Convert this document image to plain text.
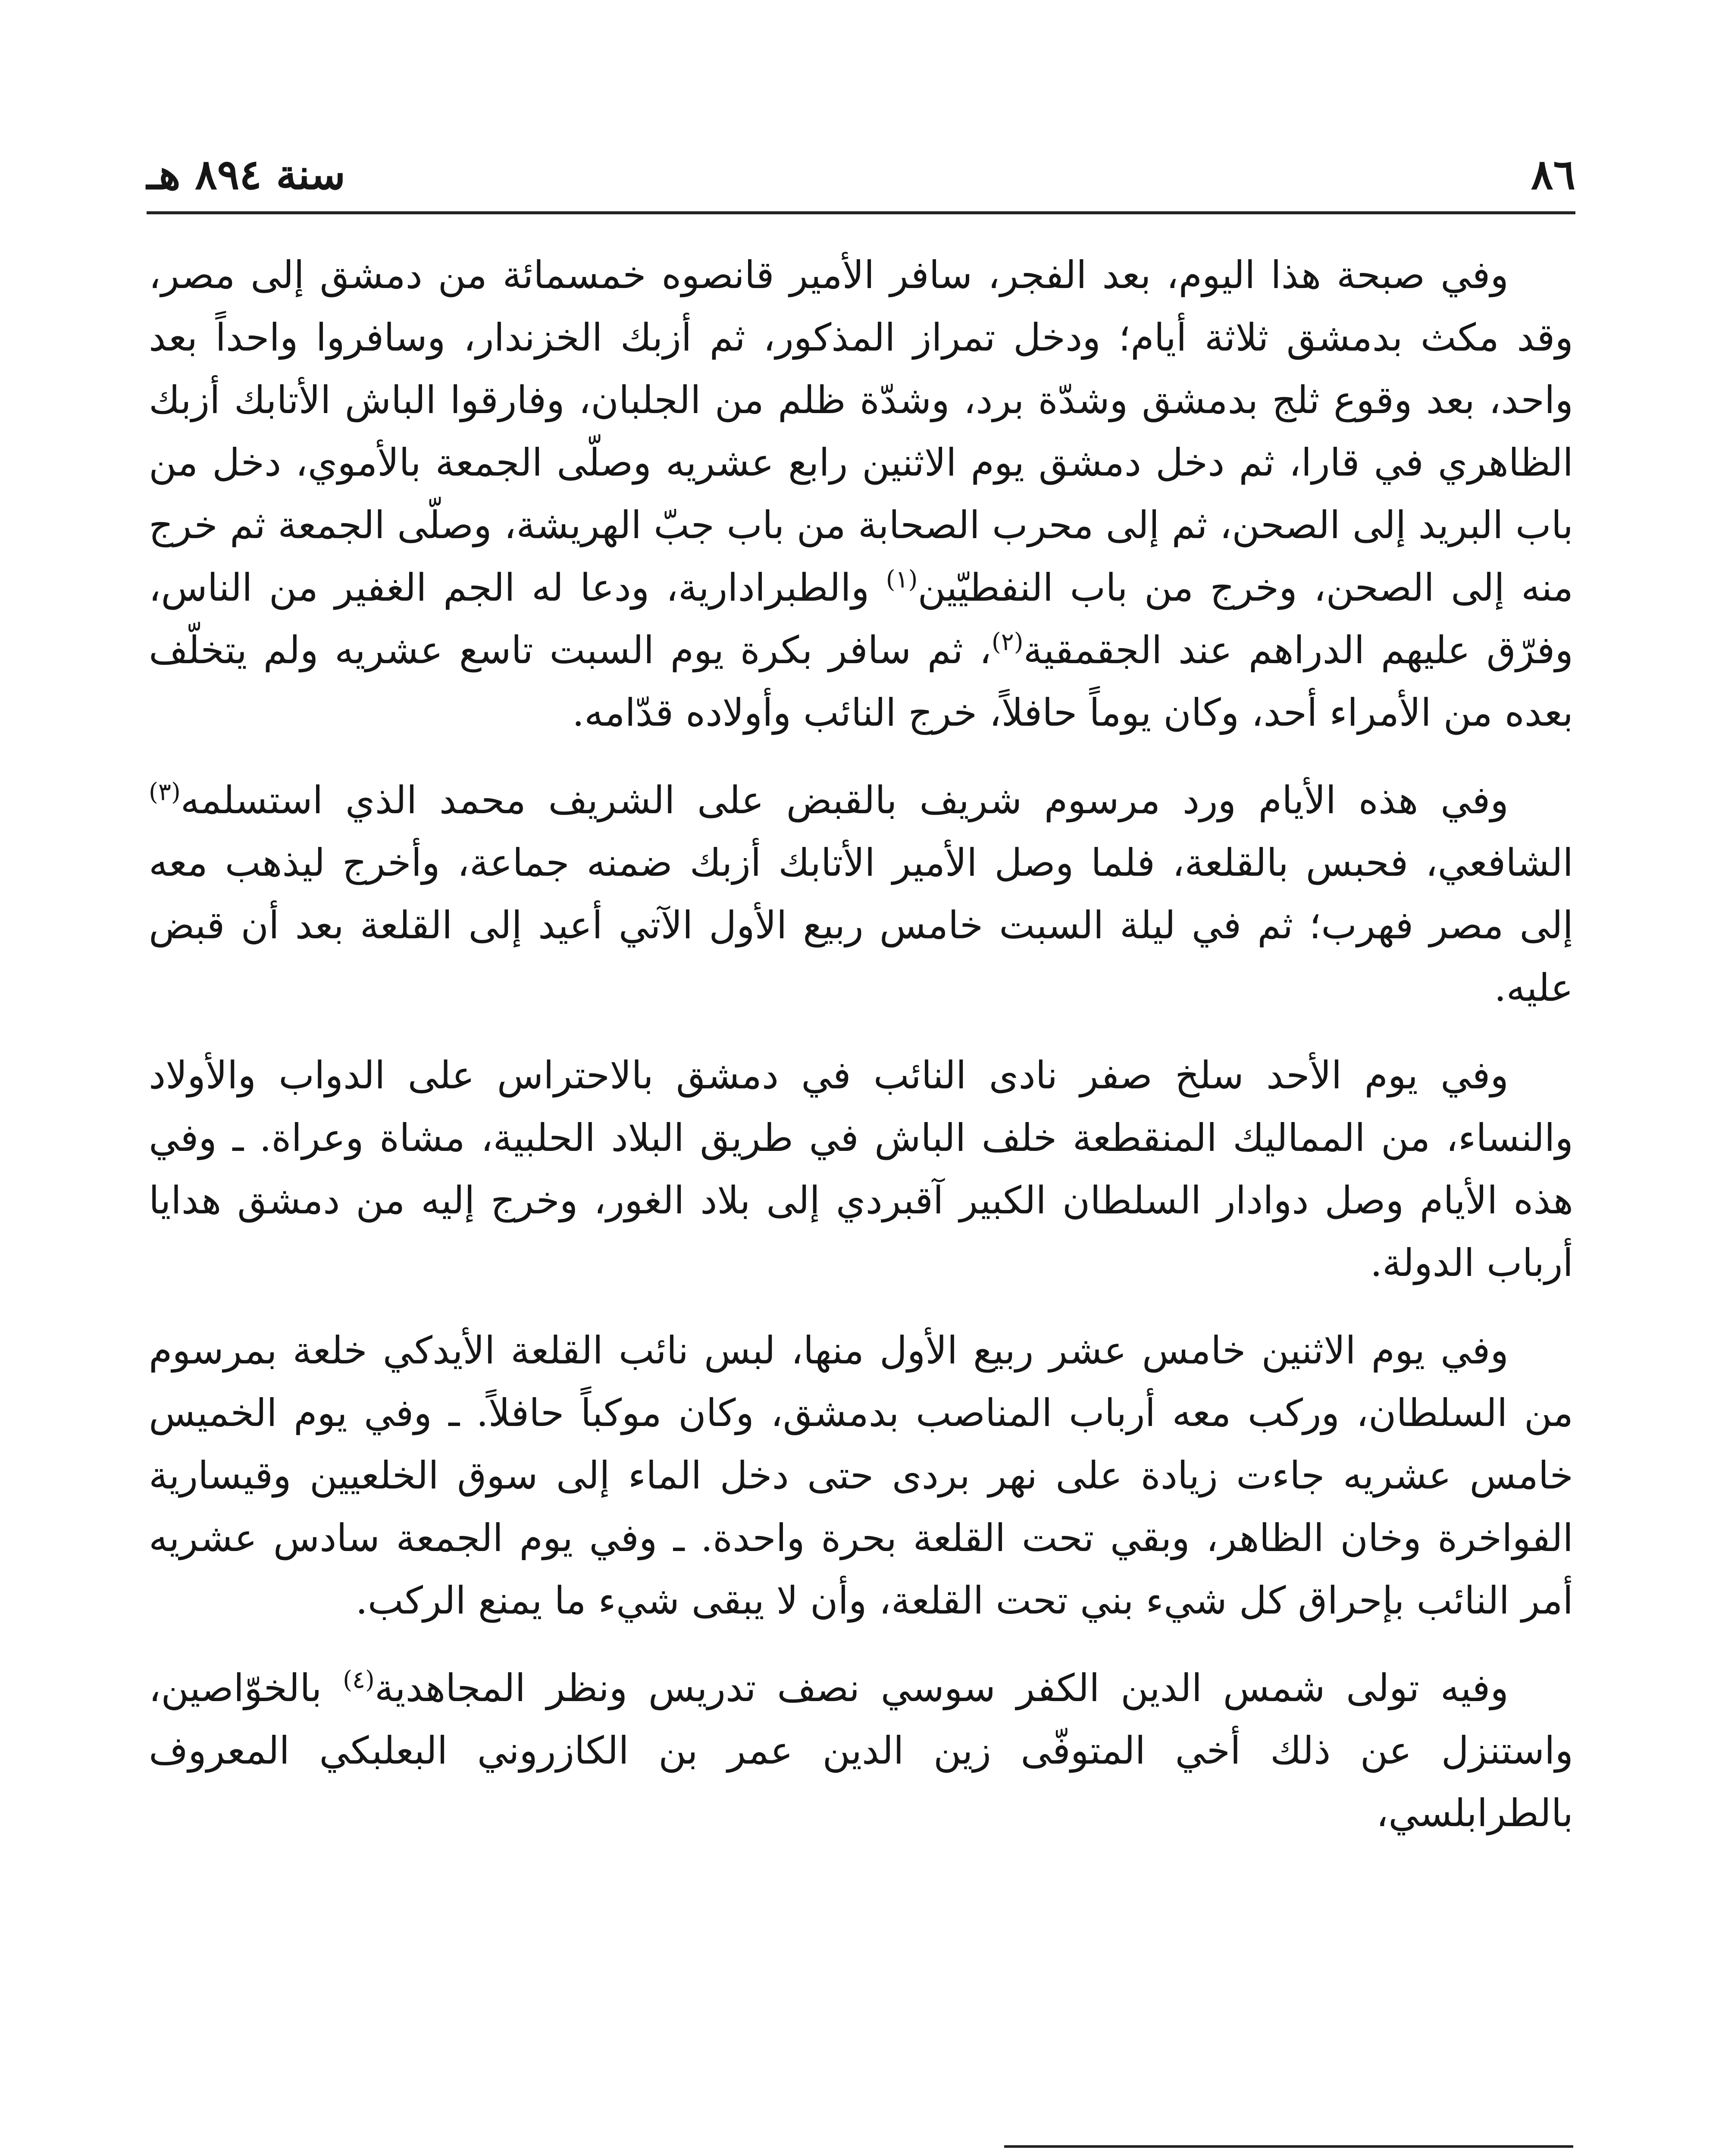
٨٦
سنة ٨٩٤ هـ

وفي صبحة هذا اليوم، بعد الفجر، سافر الأمير قانصوه خمسمائة من دمشق إلى مصر، وقد مكث بدمشق ثلاثة أيام؛ ودخل تمراز المذكور، ثم أزبك الخزندار، وسافروا واحداً بعد واحد، بعد وقوع ثلج بدمشق وشدّة برد، وشدّة ظلم من الجلبان، وفارقوا الباش الأتابك أزبك الظاهري في قارا، ثم دخل دمشق يوم الاثنين رابع عشريه وصلّى الجمعة بالأموي، دخل من باب البريد إلى الصحن، ثم إلى محرب الصحابة من باب جبّ الهريشة، وصلّى الجمعة ثم خرج منه إلى الصحن، وخرج من باب النفطيّين$^{(١)}$ والطبرادارية، ودعا له الجم الغفير من الناس، وفرّق عليهم الدراهم عند الجقمقية$^{(٢)}$، ثم سافر بكرة يوم السبت تاسع عشريه ولم يتخلّف بعده من الأمراء أحد، وكان يوماً حافلاً، خرج النائب وأولاده قدّامه.

وفي هذه الأيام ورد مرسوم شريف بالقبض على الشريف محمد الذي استسلمه$^{(٣)}$ الشافعي، فحبس بالقلعة، فلما وصل الأمير الأتابك أزبك ضمنه جماعة، وأخرج ليذهب معه إلى مصر فهرب؛ ثم في ليلة السبت خامس ربيع الأول الآتي أعيد إلى القلعة بعد أن قبض عليه.

وفي يوم الأحد سلخ صفر نادى النائب في دمشق بالاحتراس على الدواب والأولاد والنساء، من المماليك المنقطعة خلف الباش في طريق البلاد الحلبية، مشاة وعراة. ـ وفي هذه الأيام وصل دوادار السلطان الكبير آقبردي إلى بلاد الغور، وخرج إليه من دمشق هدايا أرباب الدولة.

وفي يوم الاثنين خامس عشر ربيع الأول منها، لبس نائب القلعة الأيدكي خلعة بمرسوم من السلطان، وركب معه أرباب المناصب بدمشق، وكان موكباً حافلاً. ـ وفي يوم الخميس خامس عشريه جاءت زيادة على نهر بردى حتى دخل الماء إلى سوق الخلعيين وقيسارية الفواخرة وخان الظاهر، وبقي تحت القلعة بحرة واحدة. ـ وفي يوم الجمعة سادس عشريه أمر النائب بإحراق كل شيء بني تحت القلعة، وأن لا يبقى شيء ما يمنع الركب.

وفيه تولى شمس الدين الكفر سوسي نصف تدريس ونظر المجاهدية$^{(٤)}$ بالخوّاصين، واستنزل عن ذلك أخي المتوفّى زين الدين عمر بن الكازروني البعلبكي المعروف بالطرابلسي،
